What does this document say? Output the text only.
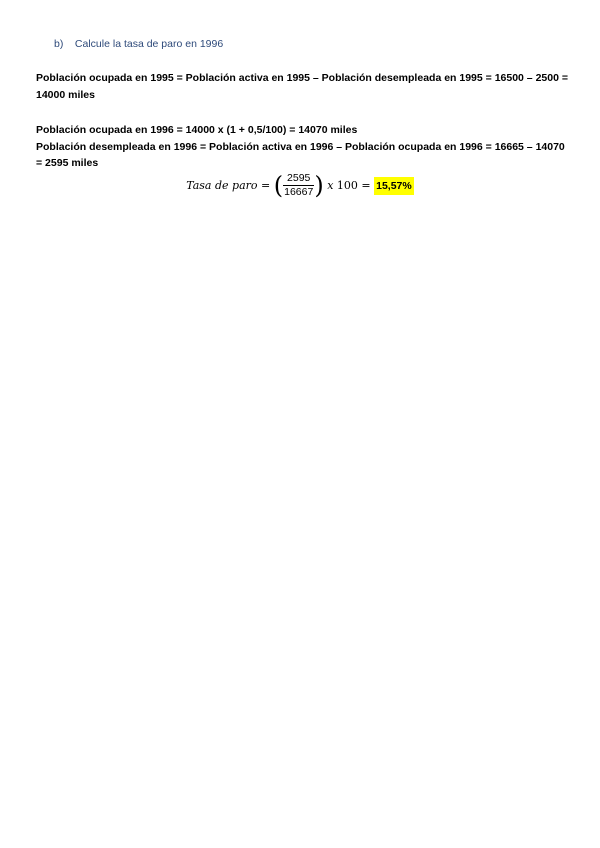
b) Calcule la tasa de paro en 1996
Población ocupada en 1995 = Población activa en 1995 – Población desempleada en 1995 = 16500 – 2500 =
14000 miles
Población ocupada en 1996 = 14000 x (1 + 0,5/100) = 14070 miles
Población desempleada en 1996 = Población activa en 1996 – Población ocupada en 1996 = 16665 – 14070
= 2595 miles
Tasa de paro = ( $\frac{2595}{16667}$ ) x 100 = 15,57%
